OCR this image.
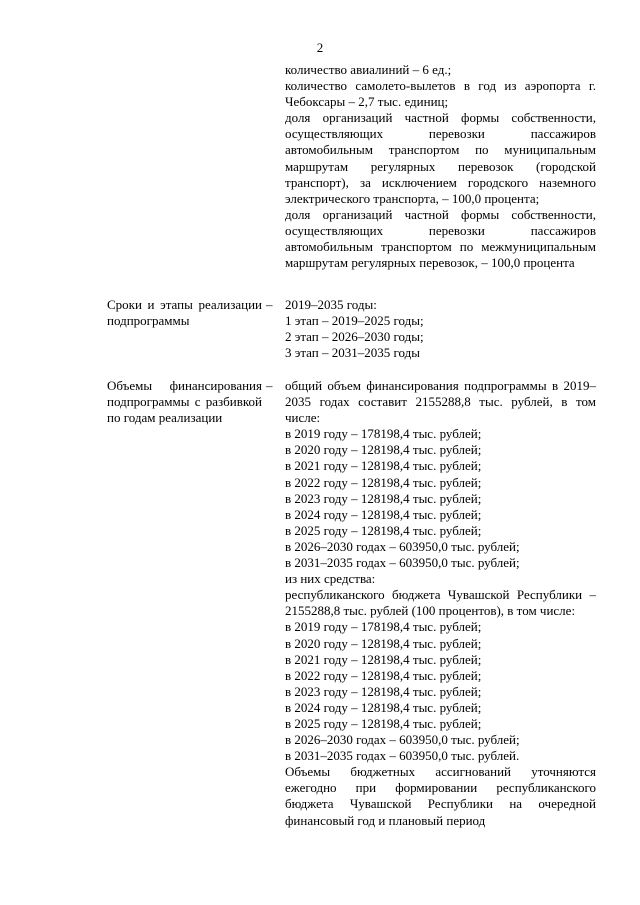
2

количество авиалиний – 6 ед.;

количество самолето-вылетов в год из аэропорта г. Чебоксары – 2,7 тыс. единиц;

доля организаций частной формы собственности, осуществляющих перевозки пассажиров автомобильным транспортом по муниципальным маршрутам регулярных перевозок (городской транспорт), за исключением городского наземного электрического транспорта, – 100,0 процента;

доля организаций частной формы собственности, осуществляющих перевозки пассажиров автомобильным транспортом по межмуниципальным маршрутам регулярных перевозок, – 100,0 процента

Сроки и этапы реализации подпрограммы
– 2019–2035 годы:

1 этап – 2019–2025 годы;

2 этап – 2026–2030 годы;

3 этап – 2031–2035 годы

Объемы финансирования подпрограммы с разбивкой по годам реализации
– общий объем финансирования подпрограммы в 2019–2035 годах составит 2155288,8 тыс. рублей, в том числе:

в 2019 году – 178198,4 тыс. рублей;

в 2020 году – 128198,4 тыс. рублей;

в 2021 году – 128198,4 тыс. рублей;

в 2022 году – 128198,4 тыс. рублей;

в 2023 году – 128198,4 тыс. рублей;

в 2024 году – 128198,4 тыс. рублей;

в 2025 году – 128198,4 тыс. рублей;

в 2026–2030 годах – 603950,0 тыс. рублей;

в 2031–2035 годах – 603950,0 тыс. рублей;

из них средства:

республиканского бюджета Чувашской Республики – 2155288,8 тыс. рублей (100 процентов), в том числе:

в 2019 году – 178198,4 тыс. рублей;

в 2020 году – 128198,4 тыс. рублей;

в 2021 году – 128198,4 тыс. рублей;

в 2022 году – 128198,4 тыс. рублей;

в 2023 году – 128198,4 тыс. рублей;

в 2024 году – 128198,4 тыс. рублей;

в 2025 году – 128198,4 тыс. рублей;

в 2026–2030 годах – 603950,0 тыс. рублей;

в 2031–2035 годах – 603950,0 тыс. рублей.

Объемы бюджетных ассигнований уточняются ежегодно при формировании республиканского бюджета Чувашской Республики на очередной финансовый год и плановый период
